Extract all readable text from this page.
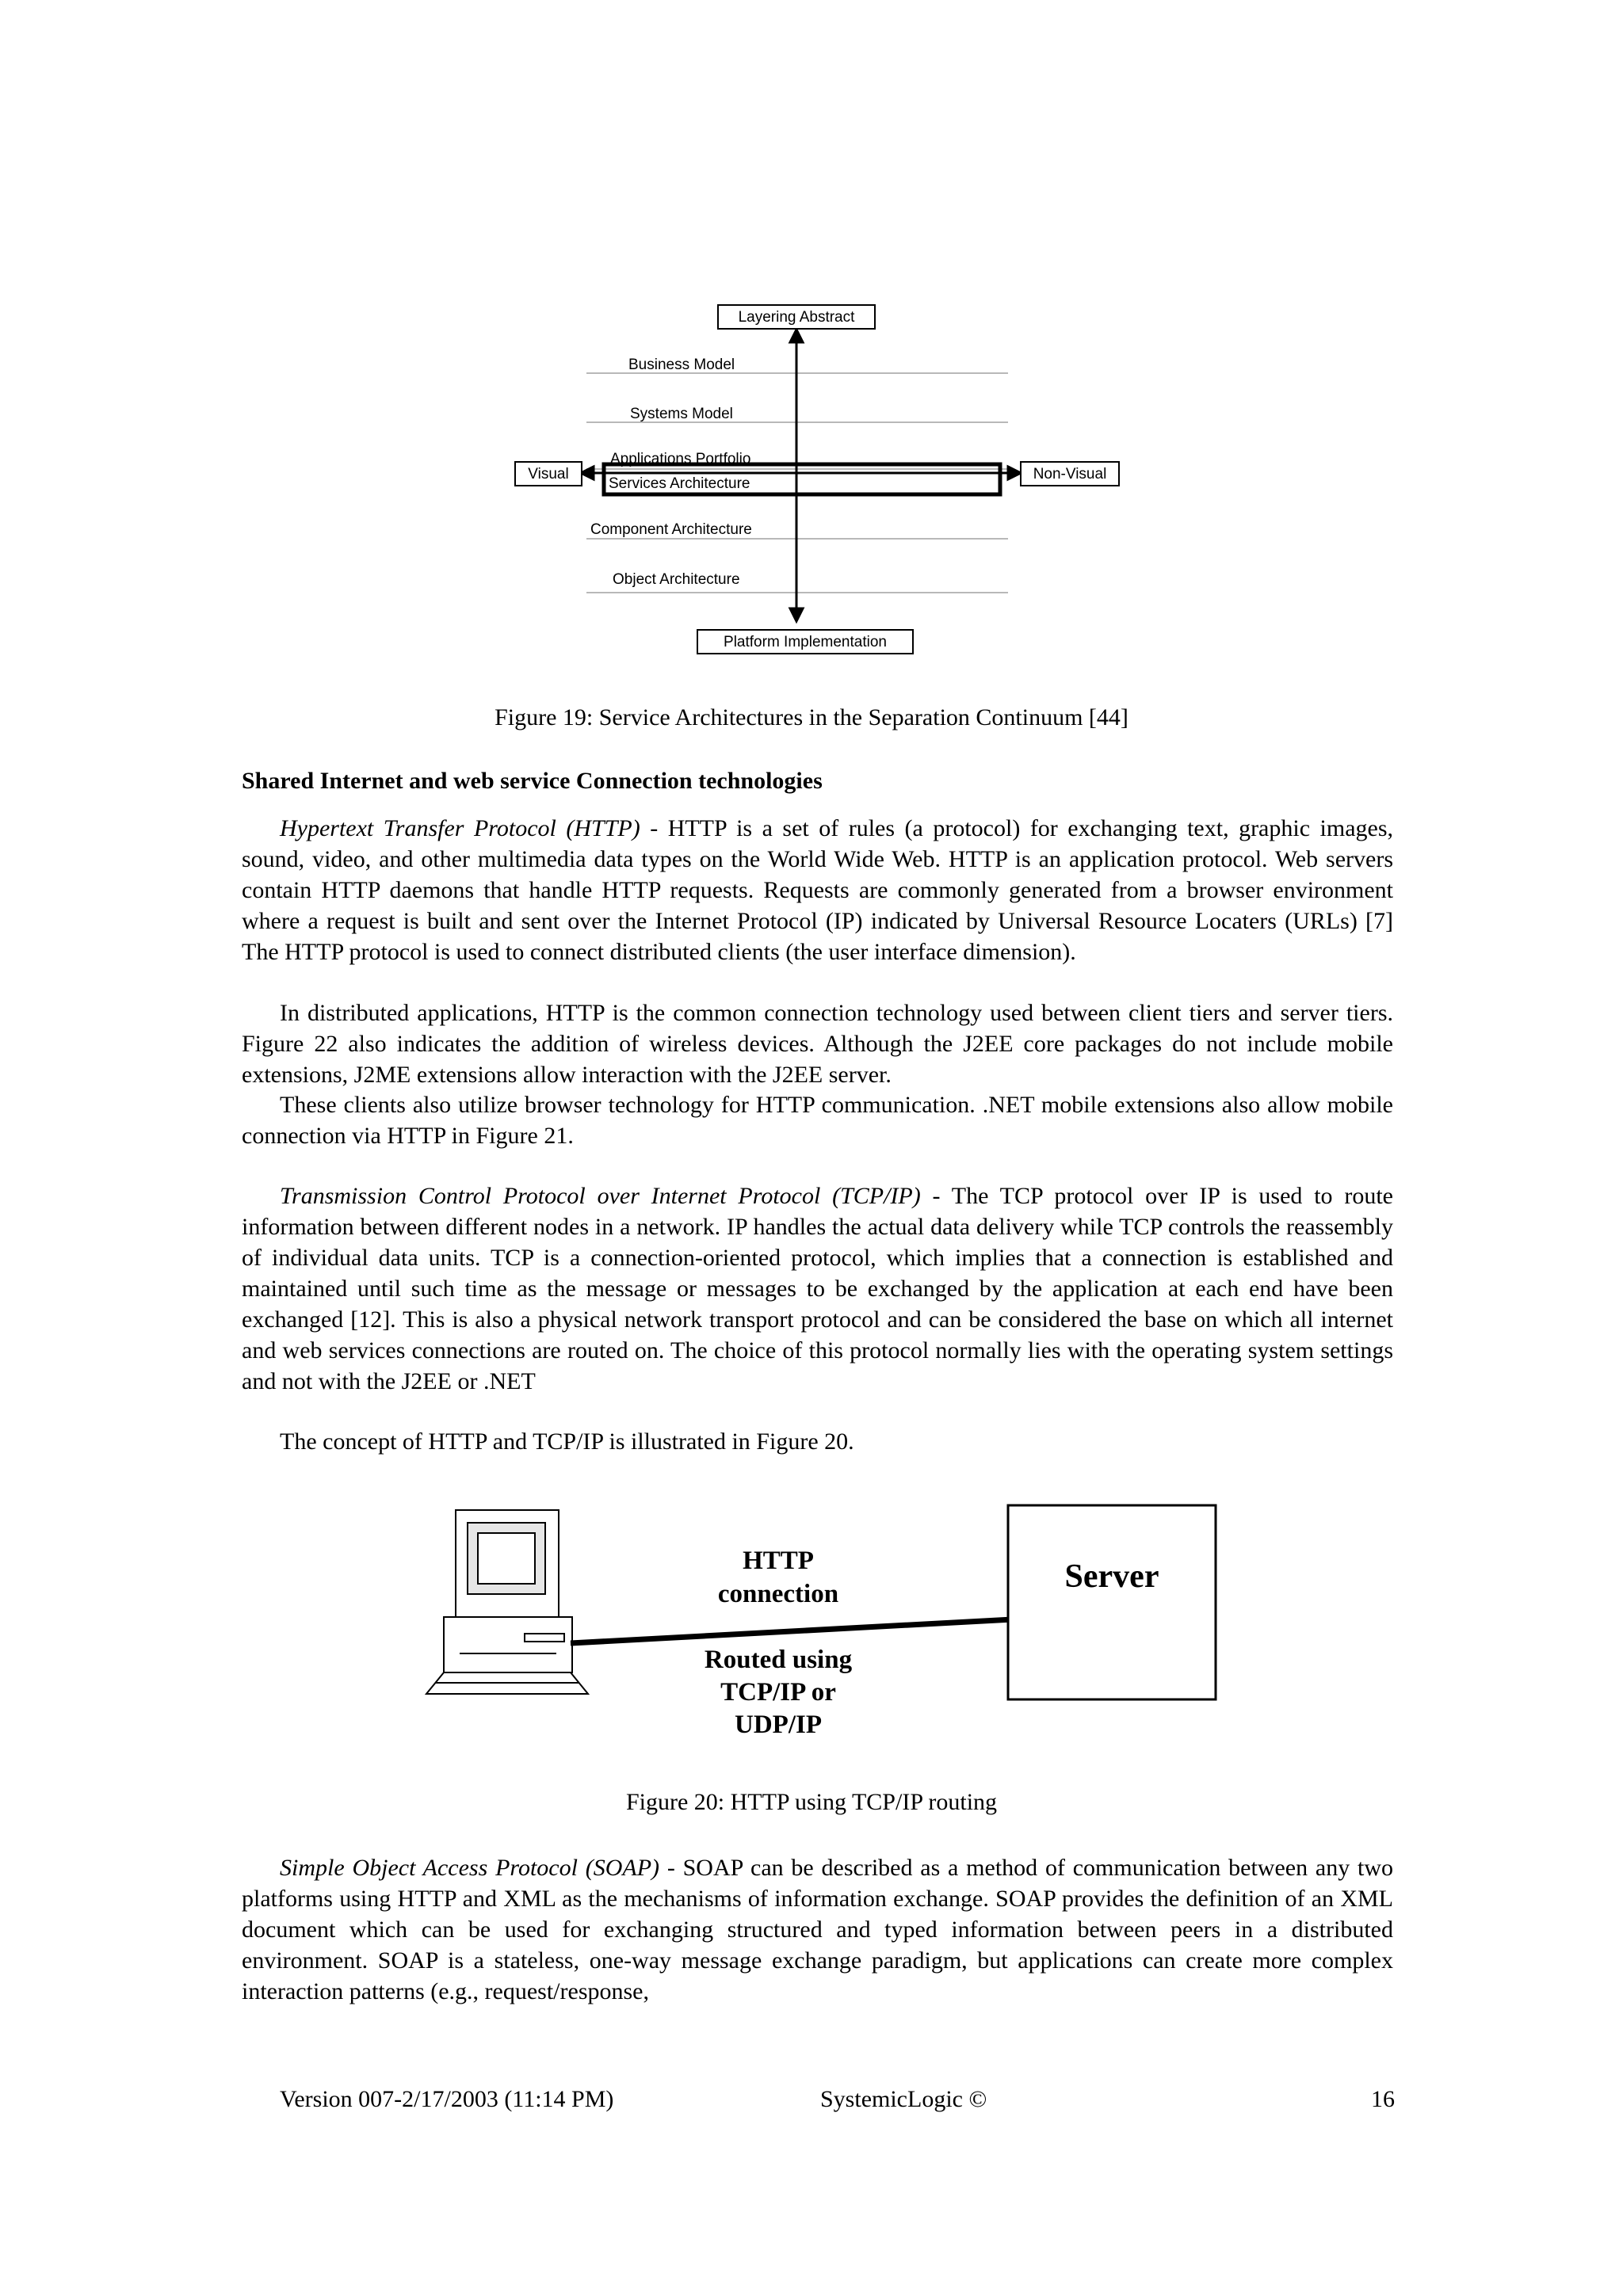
Layering Abstract
Platform Implementation
Visual	Non-Visual
Business Model
Systems Model
Applications Portfolio
Services Architecture
Component Architecture
Object Architecture
Figure 19: Service Architectures in the Separation Continuum [44]
Shared Internet and web service Connection technologies

Hypertext Transfer Protocol (HTTP) - HTTP is a set of rules (a protocol) for exchanging text, graphic images, sound, video, and other multimedia data types on the World Wide Web. HTTP is an application protocol. Web servers contain HTTP daemons that handle HTTP requests. Requests are commonly generated from a browser environment where a request is built and sent over the Internet Protocol (IP) indicated by Universal Resource Locaters (URLs) [7] The HTTP protocol is used to connect distributed clients (the user interface dimension).

In distributed applications, HTTP is the common connection technology used between client tiers and server tiers. Figure 22 also indicates the addition of wireless devices. Although the J2EE core packages do not include mobile extensions, J2ME extensions allow interaction with the J2EE server.

These clients also utilize browser technology for HTTP communication. .NET mobile extensions also allow mobile connection via HTTP in Figure 21.

Transmission Control Protocol over Internet Protocol (TCP/IP) - The TCP protocol over IP is used to route information between different nodes in a network. IP handles the actual data delivery while TCP controls the reassembly of individual data units. TCP is a connection-oriented protocol, which implies that a connection is established and maintained until such time as the message or messages to be exchanged by the application at each end have been exchanged [12]. This is also a physical network transport protocol and can be considered the base on which all internet and web services connections are routed on. The choice of this protocol normally lies with the operating system settings and not with the J2EE or .NET

The concept of HTTP and TCP/IP is illustrated in Figure 20.

Server
HTTP
connection
Routed using
TCP/IP or
UDP/IP
Figure 20: HTTP using TCP/IP routing

Simple Object Access Protocol (SOAP) - SOAP can be described as a method of communication between any two platforms using HTTP and XML as the mechanisms of information exchange. SOAP provides the definition of an XML document which can be used for exchanging structured and typed information between peers in a distributed environment. SOAP is a stateless, one-way message exchange paradigm, but applications can create more complex interaction patterns (e.g., request/response,

Version 007-2/17/2003 (11:14 PM)	SystemicLogic ©	16
